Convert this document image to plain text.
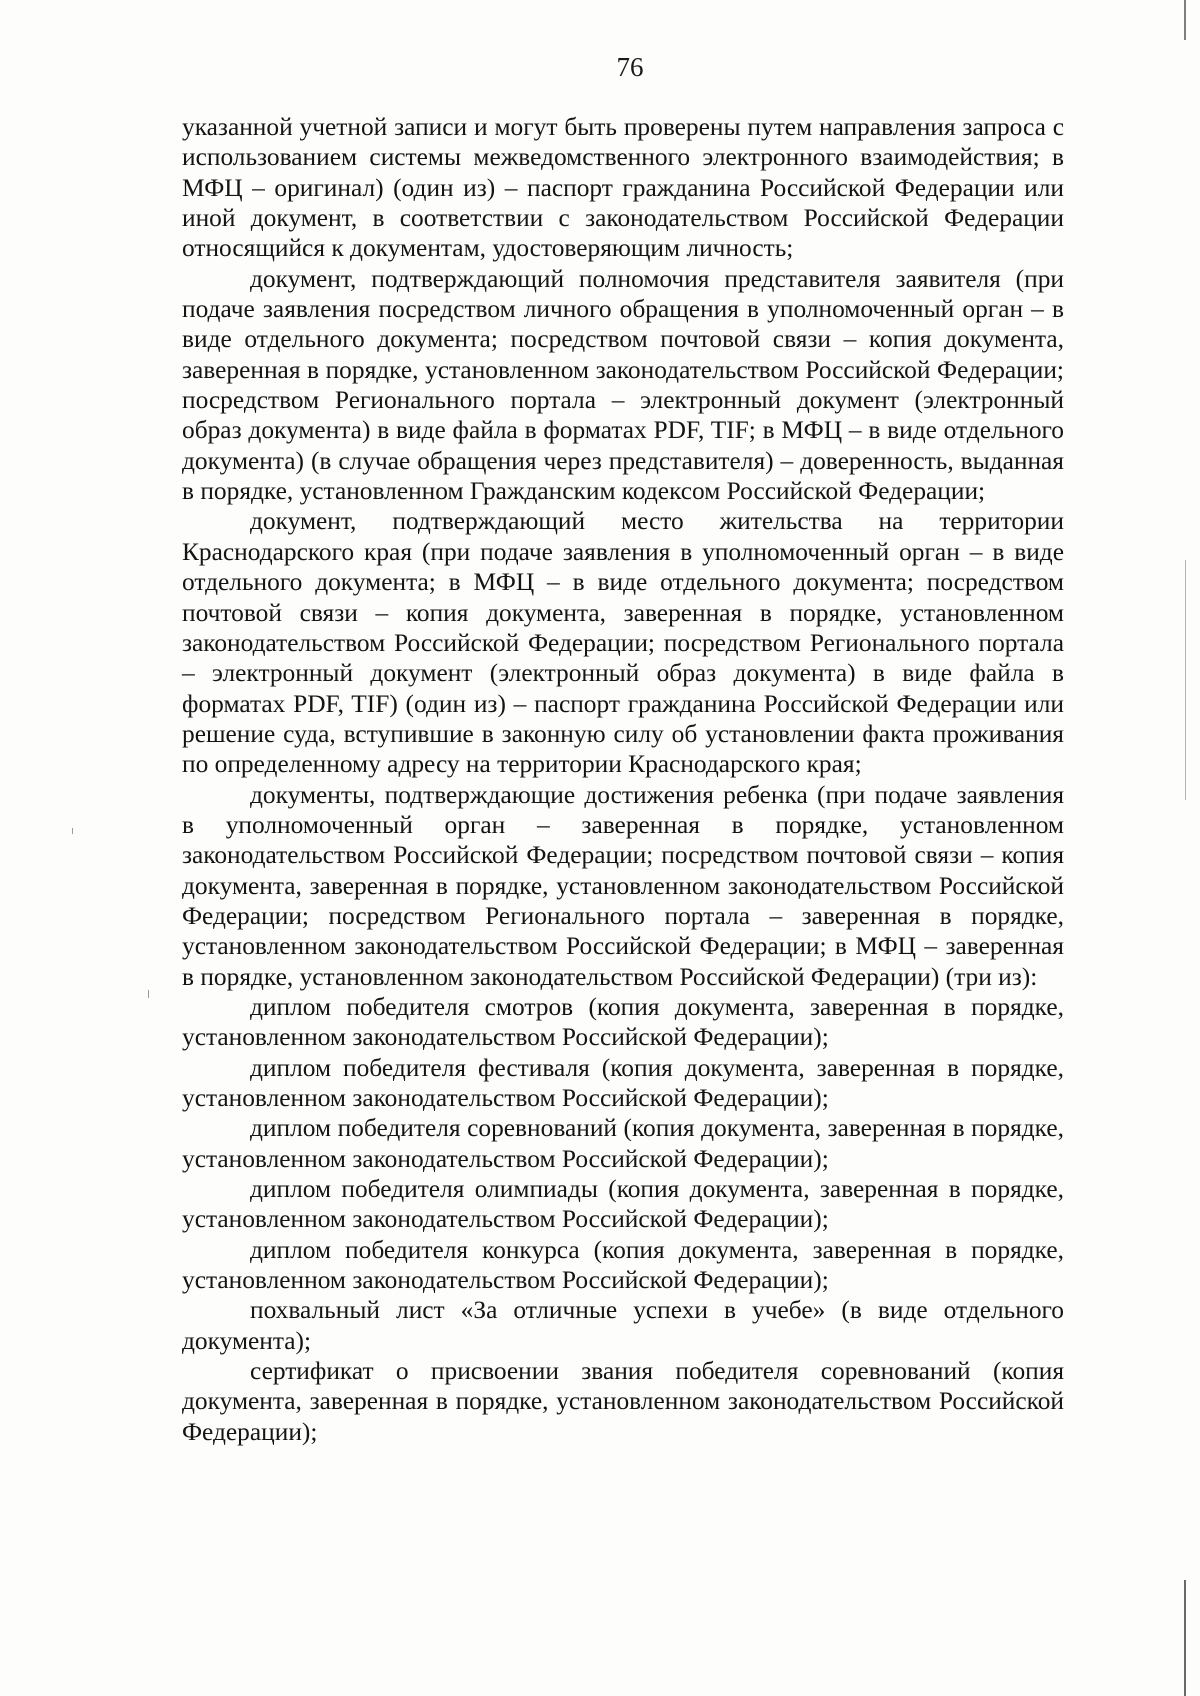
76

указанной учетной записи и могут быть проверены путем направления запроса с использованием системы межведомственного электронного взаимодействия; в МФЦ – оригинал) (один из) – паспорт гражданина Российской Федерации или иной документ, в соответствии с законодательством Российской Федерации относящийся к документам, удостоверяющим личность;

документ, подтверждающий полномочия представителя заявителя (при подаче заявления посредством личного обращения в уполномоченный орган – в виде отдельного документа; посредством почтовой связи – копия документа, заверенная в порядке, установленном законодательством Российской Федерации; посредством Регионального портала – электронный документ (электронный образ документа) в виде файла в форматах PDF, TIF; в МФЦ – в виде отдельного документа) (в случае обращения через представителя) – доверенность, выданная в порядке, установленном Гражданским кодексом Российской Федерации;

документ, подтверждающий место жительства на территории Краснодарского края (при подаче заявления в уполномоченный орган – в виде отдельного документа; в МФЦ – в виде отдельного документа; посредством почтовой связи – копия документа, заверенная в порядке, установленном законодательством Российской Федерации; посредством Регионального портала – электронный документ (электронный образ документа) в виде файла в форматах PDF, TIF) (один из) – паспорт гражданина Российской Федерации или решение суда, вступившие в законную силу об установлении факта проживания по определенному адресу на территории Краснодарского края;

документы, подтверждающие достижения ребенка (при подаче заявления в уполномоченный орган – заверенная в порядке, установленном законодательством Российской Федерации; посредством почтовой связи – копия документа, заверенная в порядке, установленном законодательством Российской Федерации; посредством Регионального портала – заверенная в порядке, установленном законодательством Российской Федерации; в МФЦ – заверенная в порядке, установленном законодательством Российской Федерации) (три из):

диплом победителя смотров (копия документа, заверенная в порядке, установленном законодательством Российской Федерации);

диплом победителя фестиваля (копия документа, заверенная в порядке, установленном законодательством Российской Федерации);

диплом победителя соревнований (копия документа, заверенная в порядке, установленном законодательством Российской Федерации);

диплом победителя олимпиады (копия документа, заверенная в порядке, установленном законодательством Российской Федерации);

диплом победителя конкурса (копия документа, заверенная в порядке, установленном законодательством Российской Федерации);

похвальный лист «За отличные успехи в учебе» (в виде отдельного документа);

сертификат о присвоении звания победителя соревнований (копия документа, заверенная в порядке, установленном законодательством Российской Федерации);
